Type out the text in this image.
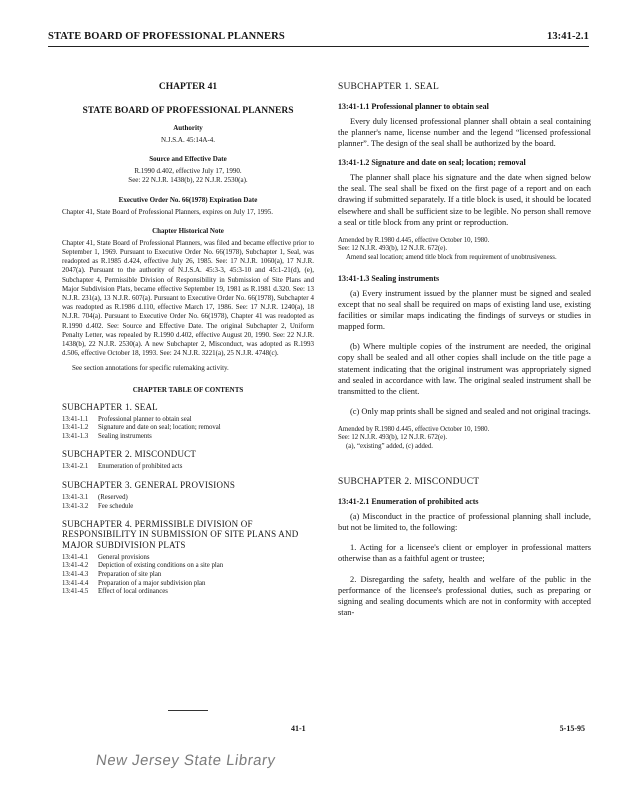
STATE BOARD OF PROFESSIONAL PLANNERS	13:41-2.1
CHAPTER 41
STATE BOARD OF PROFESSIONAL PLANNERS
Authority
N.J.S.A. 45:14A-4.
Source and Effective Date
R.1990 d.402, effective July 17, 1990.
See: 22 N.J.R. 1438(b), 22 N.J.R. 2530(a).
Executive Order No. 66(1978) Expiration Date
Chapter 41, State Board of Professional Planners, expires on July 17, 1995.
Chapter Historical Note
Chapter 41, State Board of Professional Planners, was filed and became effective prior to September 1, 1969. Pursuant to Executive Order No. 66(1978), Subchapter 1, Seal, was readopted as R.1985 d.424, effective July 26, 1985. See: 17 N.J.R. 1060(a), 17 N.J.R. 2047(a). Pursuant to the authority of N.J.S.A. 45:3-3, 45:3-10 and 45:1-21(d), (e), Subchapter 4, Permissible Division of Responsibility in Submission of Site Plans and Major Subdivision Plats, became effective September 19, 1981 as R.1981 d.320. See: 13 N.J.R. 231(a), 13 N.J.R. 607(a). Pursuant to Executive Order No. 66(1978), Subchapter 4 was readopted as R.1986 d.110, effective March 17, 1986. See: 17 N.J.R. 1240(a), 18 N.J.R. 704(a). Pursuant to Executive Order No. 66(1978), Chapter 41 was readopted as R.1990 d.402. See: Source and Effective Date. The original Subchapter 2, Uniform Penalty Letter, was repealed by R.1990 d.402, effective August 20, 1990. See: 22 N.J.R. 1438(b), 22 N.J.R. 2530(a). A new Subchapter 2, Misconduct, was adopted as R.1993 d.506, effective October 18, 1993. See: 24 N.J.R. 3221(a), 25 N.J.R. 4748(c).
See section annotations for specific rulemaking activity.
CHAPTER TABLE OF CONTENTS
SUBCHAPTER 1. SEAL
13:41-1.1	Professional planner to obtain seal
13:41-1.2	Signature and date on seal; location; removal
13:41-1.3	Sealing instruments
SUBCHAPTER 2. MISCONDUCT
13:41-2.1	Enumeration of prohibited acts
SUBCHAPTER 3. GENERAL PROVISIONS
13:41-3.1	(Reserved)
13:41-3.2	Fee schedule
SUBCHAPTER 4. PERMISSIBLE DIVISION OF RESPONSIBILITY IN SUBMISSION OF SITE PLANS AND MAJOR SUBDIVISION PLATS
13:41-4.1	General provisions
13:41-4.2	Depiction of existing conditions on a site plan
13:41-4.3	Preparation of site plan
13:41-4.4	Preparation of a major subdivision plan
13:41-4.5	Effect of local ordinances
SUBCHAPTER 1. SEAL
13:41-1.1 Professional planner to obtain seal
Every duly licensed professional planner shall obtain a seal containing the planner's name, license number and the legend “licensed professional planner”. The design of the seal shall be authorized by the board.
13:41-1.2 Signature and date on seal; location; removal
The planner shall place his signature and the date when signed below the seal. The seal shall be fixed on the first page of a report and on each drawing if submitted separately. If a title block is used, it should be located elsewhere and shall be sufficient size to be legible. No person shall remove a seal or title block from any print or reproduction.
Amended by R.1980 d.445, effective October 10, 1980.
See: 12 N.J.R. 493(b), 12 N.J.R. 672(e).
Amend seal location; amend title block from requirement of unobtrusiveness.
13:41-1.3 Sealing instruments
(a) Every instrument issued by the planner must be signed and sealed except that no seal shall be required on maps of existing land use, existing facilities or similar maps indicating the findings of surveys or studies in mapped form.
(b) Where multiple copies of the instrument are needed, the original copy shall be sealed and all other copies shall include on the title page a statement indicating that the original instrument was appropriately signed and sealed in accordance with law. The original sealed instrument shall be transmitted to the client.
(c) Only map prints shall be signed and sealed and not original tracings.
Amended by R.1980 d.445, effective October 10, 1980.
See: 12 N.J.R. 493(b), 12 N.J.R. 672(e).
(a), “existing” added, (c) added.
SUBCHAPTER 2. MISCONDUCT
13:41-2.1 Enumeration of prohibited acts
(a) Misconduct in the practice of professional planning shall include, but not be limited to, the following:
1. Acting for a licensee's client or employer in professional matters otherwise than as a faithful agent or trustee;
2. Disregarding the safety, health and welfare of the public in the performance of the licensee's professional duties, such as preparing or signing and sealing documents which are not in conformity with accepted stan-
41-1	5-15-95
New Jersey State Library
